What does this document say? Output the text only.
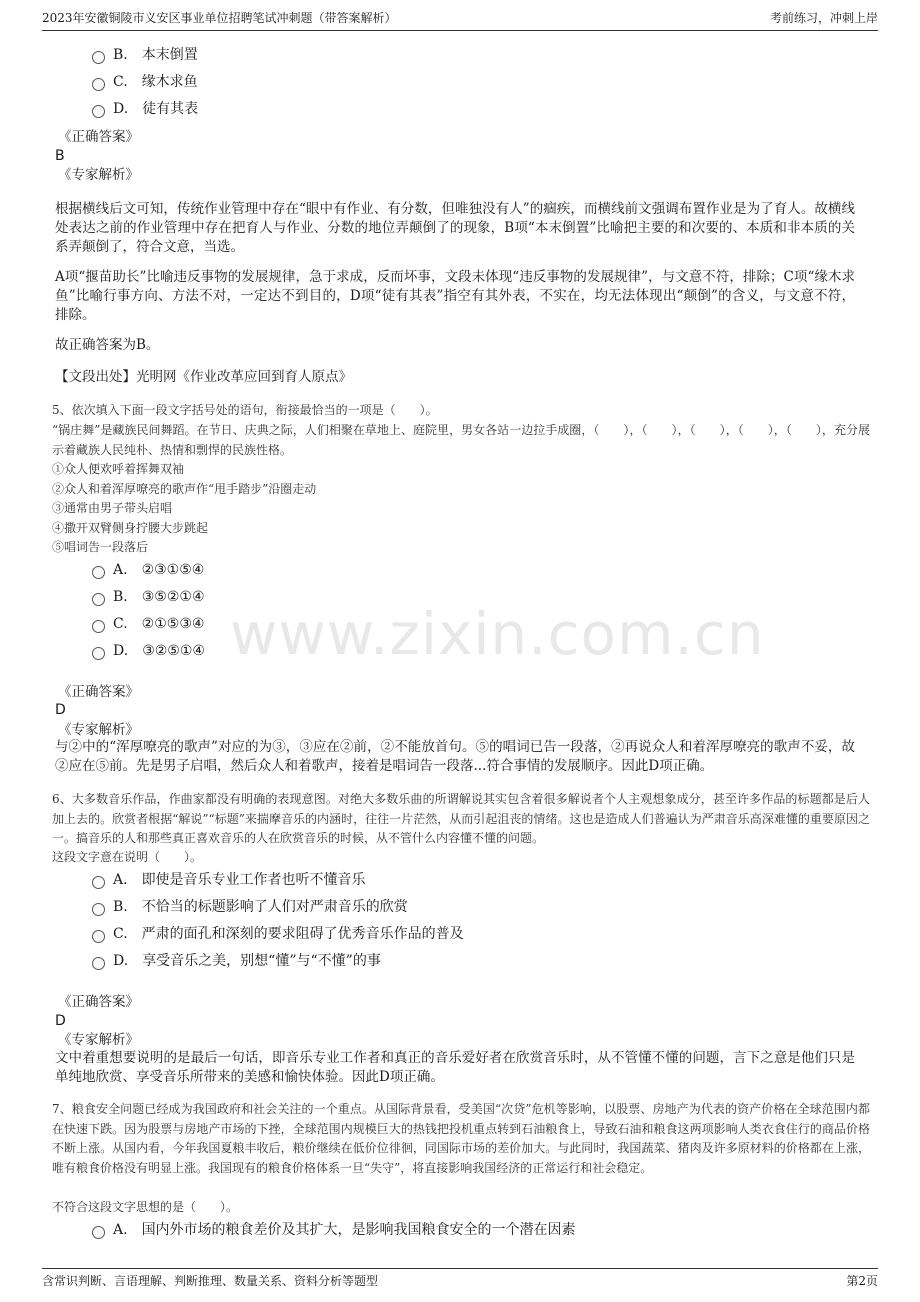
2023年安徽铜陵市义安区事业单位招聘笔试冲刺题（带答案解析）	考前练习，冲刺上岸
www.zixin.com.cn
B. 本末倒置
C. 缘木求鱼
D. 徒有其表
《正确答案》
B
《专家解析》
根据横线后文可知，传统作业管理中存在“眼中有作业、有分数，但唯独没有人”的痼疾，而横线前文强调布置作业是为了育人。故横线处表达之前的作业管理中存在把育人与作业、分数的地位弄颠倒了的现象，B项“本末倒置”比喻把主要的和次要的、本质和非本质的关系弄颠倒了，符合文意，当选。
A项“揠苗助长”比喻违反事物的发展规律，急于求成，反而坏事，文段未体现“违反事物的发展规律”，与文意不符，排除；C项“缘木求鱼”比喻行事方向、方法不对，一定达不到目的，D项“徒有其表”指空有其外表，不实在，均无法体现出“颠倒”的含义，与文意不符，排除。
故正确答案为B。
【文段出处】光明网《作业改革应回到育人原点》
5、依次填入下面一段文字括号处的语句，衔接最恰当的一项是（　　）。
“锅庄舞”是藏族民间舞蹈。在节日、庆典之际，人们相聚在草地上、庭院里，男女各站一边拉手成圈，（　　），（　　），（　　），（　　），（　　），充分展示着藏族人民纯朴、热情和剽悍的民族性格。
①众人便欢呼着挥舞双袖
②众人和着浑厚嘹亮的歌声作“甩手踏步”沿圈走动
③通常由男子带头启唱
④撒开双臂侧身拧腰大步跳起
⑤唱词告一段落后
A. ②③①⑤④
B. ③⑤②①④
C. ②①⑤③④
D. ③②⑤①④
《正确答案》
D
《专家解析》
与②中的“浑厚嘹亮的歌声”对应的为③，③应在②前，②不能放首句。⑤的唱词已告一段落，②再说众人和着浑厚嘹亮的歌声不妥，故②应在⑤前。先是男子启唱，然后众人和着歌声，接着是唱词告一段落...符合事情的发展顺序。因此D项正确。
6、大多数音乐作品，作曲家都没有明确的表现意图。对绝大多数乐曲的所谓解说其实包含着很多解说者个人主观想象成分，甚至许多作品的标题都是后人加上去的。欣赏者根据“解说”“标题”来揣摩音乐的内涵时，往往一片茫然，从而引起沮丧的情绪。这也是造成人们普遍认为严肃音乐高深难懂的重要原因之一。搞音乐的人和那些真正喜欢音乐的人在欣赏音乐的时候，从不管什么内容懂不懂的问题。
这段文字意在说明（　　）。
A. 即使是音乐专业工作者也听不懂音乐
B. 不恰当的标题影响了人们对严肃音乐的欣赏
C. 严肃的面孔和深刻的要求阻碍了优秀音乐作品的普及
D. 享受音乐之美，别想“懂”与“不懂”的事
《正确答案》
D
《专家解析》
文中着重想要说明的是最后一句话，即音乐专业工作者和真正的音乐爱好者在欣赏音乐时，从不管懂不懂的问题，言下之意是他们只是单纯地欣赏、享受音乐所带来的美感和愉快体验。因此D项正确。
7、粮食安全问题已经成为我国政府和社会关注的一个重点。从国际背景看，受美国“次贷”危机等影响，以股票、房地产为代表的资产价格在全球范围内都在快速下跌。因为股票与房地产市场的下挫，全球范围内规模巨大的热钱把投机重点转到石油粮食上，导致石油和粮食这两项影响人类衣食住行的商品价格不断上涨。从国内看，今年我国夏粮丰收后，粮价继续在低价位徘徊，同国际市场的差价加大。与此同时，我国蔬菜、猪肉及许多原材料的价格都在上涨，唯有粮食价格没有明显上涨。我国现有的粮食价格体系一旦“失守”，将直接影响我国经济的正常运行和社会稳定。
不符合这段文字思想的是（　　）。
A. 国内外市场的粮食差价及其扩大，是影响我国粮食安全的一个潜在因素
含常识判断、言语理解、判断推理、数量关系、资料分析等题型	第2页
